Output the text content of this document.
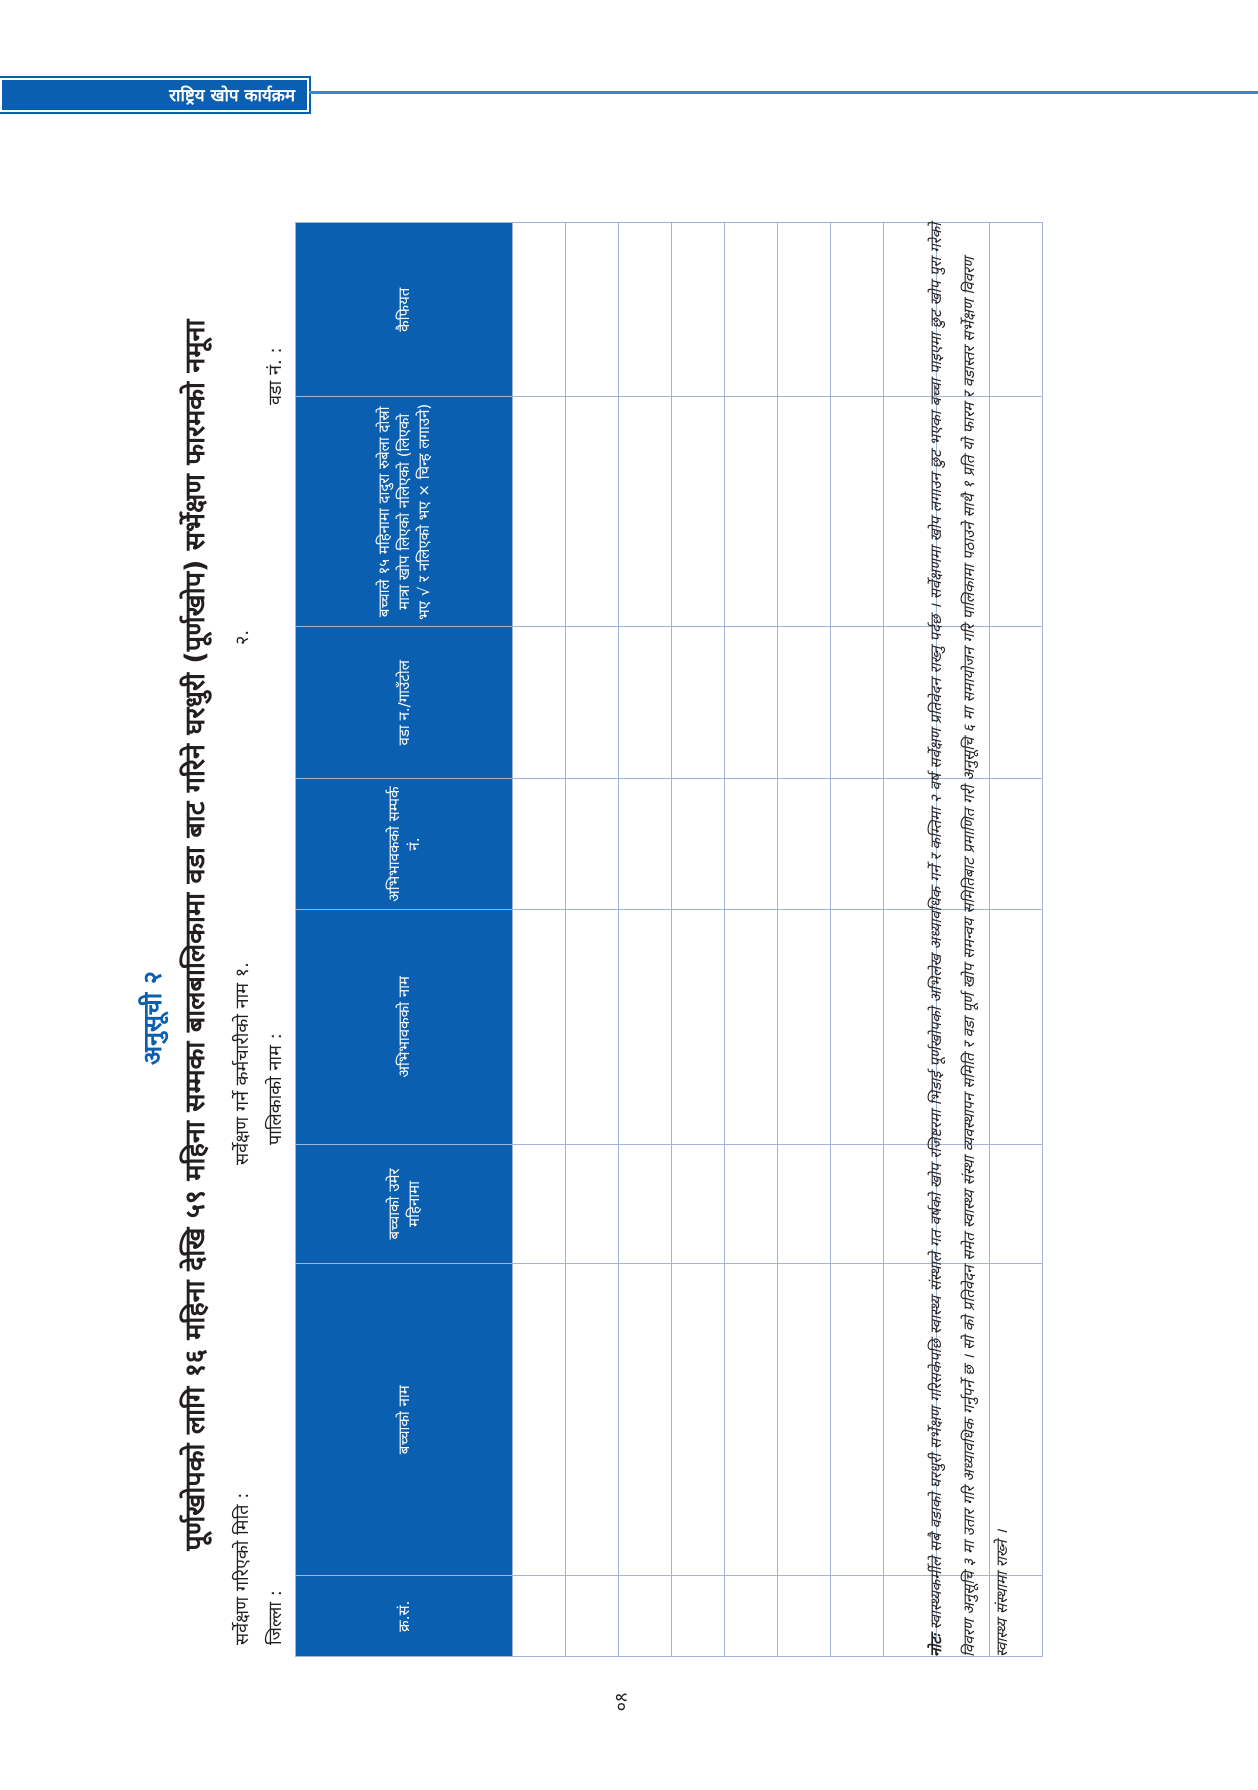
राष्ट्रिय खोप कार्यक्रम
अनुसूची २ पूर्णखोपको लागि १६ महिना देखि ५९ महिना सम्मका बालबालिकामा वडा बाट गरिने घरधुरी (पूर्णखोप) सर्भेक्षण फारमको नमूना
सर्वेक्षण गरिएको मिति :
सर्वेक्षण गर्ने कर्मचारीको नाम १.
२.
जिल्ला :
पालिकाको नाम :
वडा नं. :
क्र.सं.	बच्चाको नाम	बच्चाको उमेर महिनामा	अभिभावकको नाम	अभिभावकको सम्पर्क नं.	वडा न./गाउँटोल	बच्चाले १५ महिनामा दादुरा रुबेला दोस्रो मात्रा खोप लिएको नलिएको (लिएको भए √ र नलिएको भए × चिन्ह लगाउने)	कैफियत

नोटः स्वास्थ्यकर्मीले सबै वडाको घरधुरी सर्भेक्षण गरिसकेपछि स्वास्थ्य संस्थाले गत वर्षको खोप रजिष्टरमा भिडाई पूर्णखोपको अभिलेख अध्यावधिक गर्ने र कम्तिमा २ वर्ष सर्वेक्षण प्रतिवेदन राख्नु पर्दछ । सर्वेक्षणमा खोप लगाउन छुट भएका बच्चा पाइएमा छुट खोप पुरा गरेको विवरण अनुसूचि ३ मा उतार गरि अध्यावधिक गर्नुपर्ने छ । सो को प्रतिवेदन समेत स्वास्थ्य संस्था व्यवस्थापन समिति र वडा पूर्ण खोप समन्वय समितिबाट प्रमाणित गरी अनुसूचि ६ मा समायोजन गरि पालिकामा पठाउने साथै १ प्रति यो फारम र वडास्तर सर्भेक्षण विवरण स्वास्थ्य संस्थामा राख्ने ।
४०
